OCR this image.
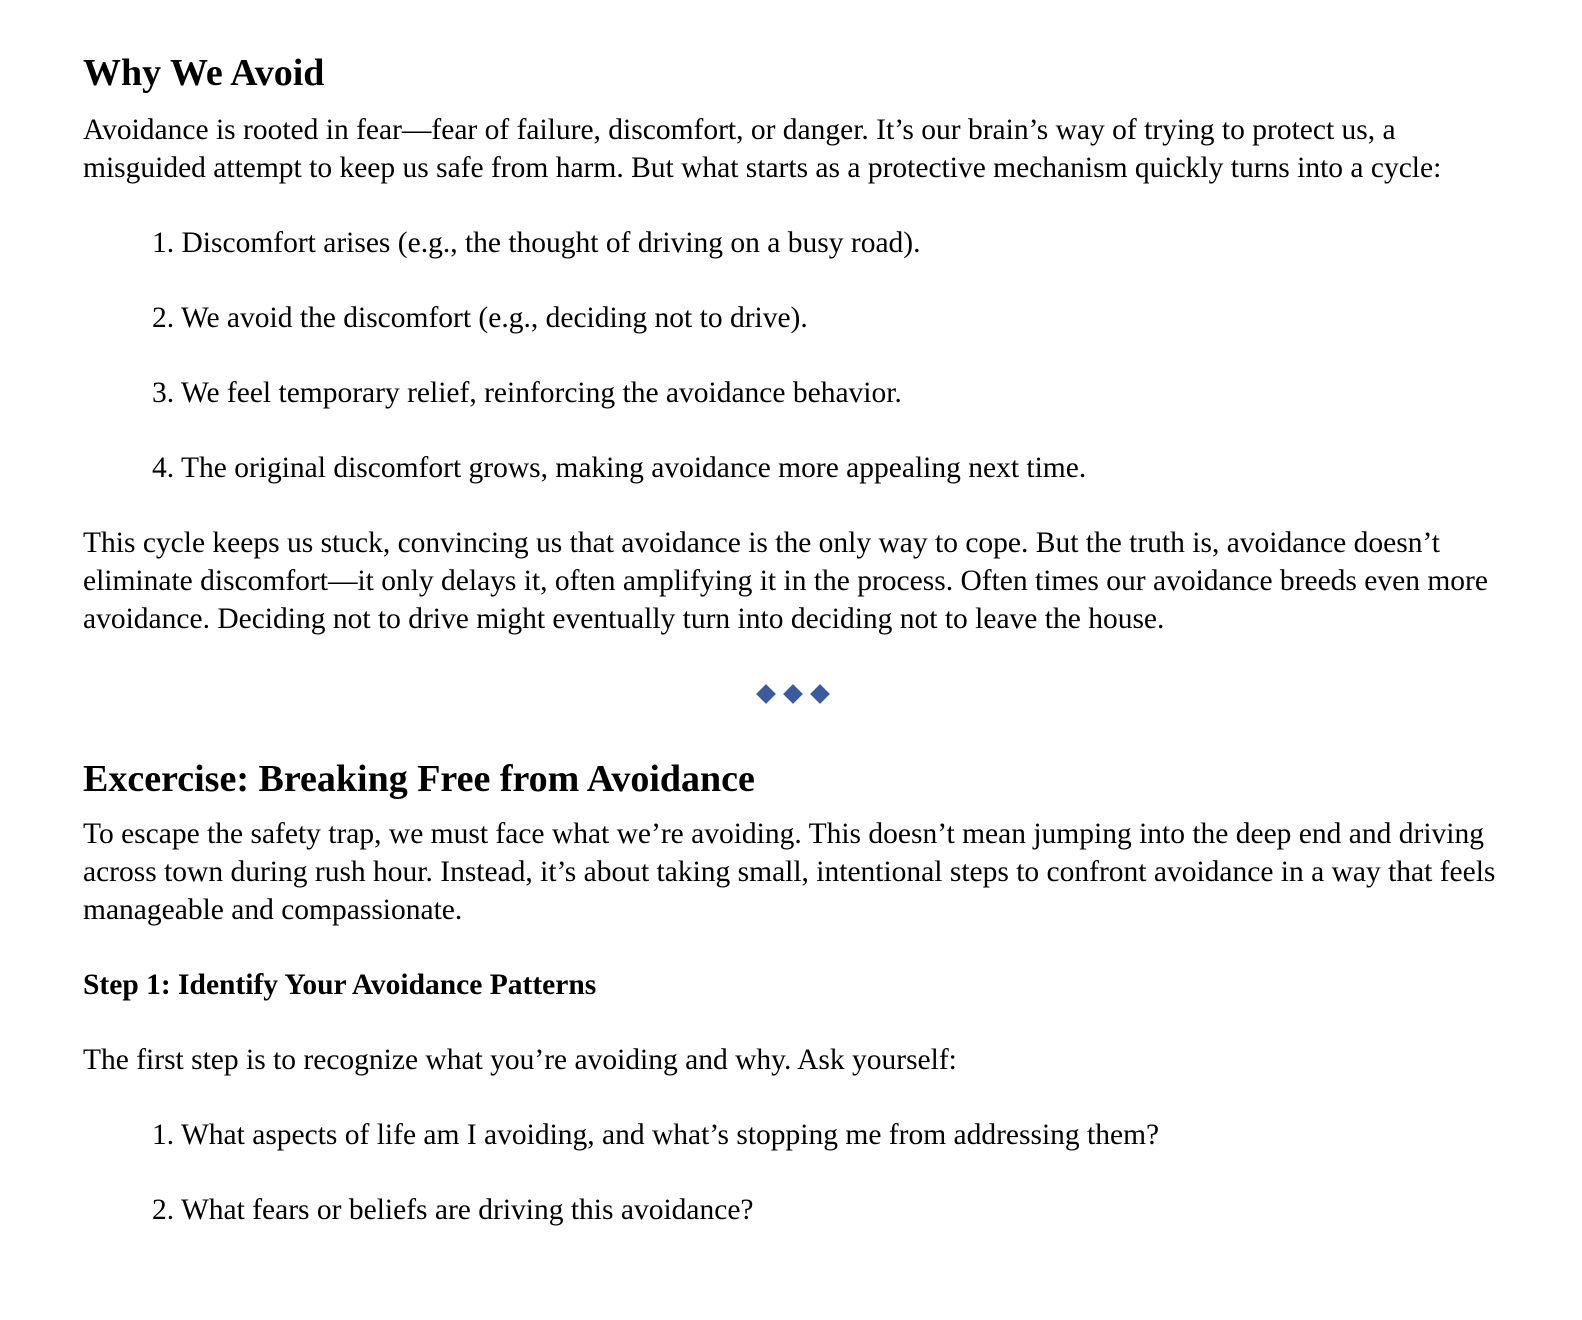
Why We Avoid

Avoidance is rooted in fear—fear of failure, discomfort, or danger. It’s our brain’s way of trying to protect us, a misguided attempt to keep us safe from harm. But what starts as a protective mechanism quickly turns into a cycle:

1. Discomfort arises (e.g., the thought of driving on a busy road).
2. We avoid the discomfort (e.g., deciding not to drive).
3. We feel temporary relief, reinforcing the avoidance behavior.
4. The original discomfort grows, making avoidance more appealing next time.

This cycle keeps us stuck, convincing us that avoidance is the only way to cope. But the truth is, avoidance doesn’t eliminate discomfort—it only delays it, often amplifying it in the process. Often times our avoidance breeds even more avoidance. Deciding not to drive might eventually turn into deciding not to leave the house.

Excercise: Breaking Free from Avoidance

To escape the safety trap, we must face what we’re avoiding. This doesn’t mean jumping into the deep end and driving across town during rush hour. Instead, it’s about taking small, intentional steps to confront avoidance in a way that feels manageable and compassionate.

Step 1: Identify Your Avoidance Patterns

The first step is to recognize what you’re avoiding and why. Ask yourself:

1. What aspects of life am I avoiding, and what’s stopping me from addressing them?
2. What fears or beliefs are driving this avoidance?
